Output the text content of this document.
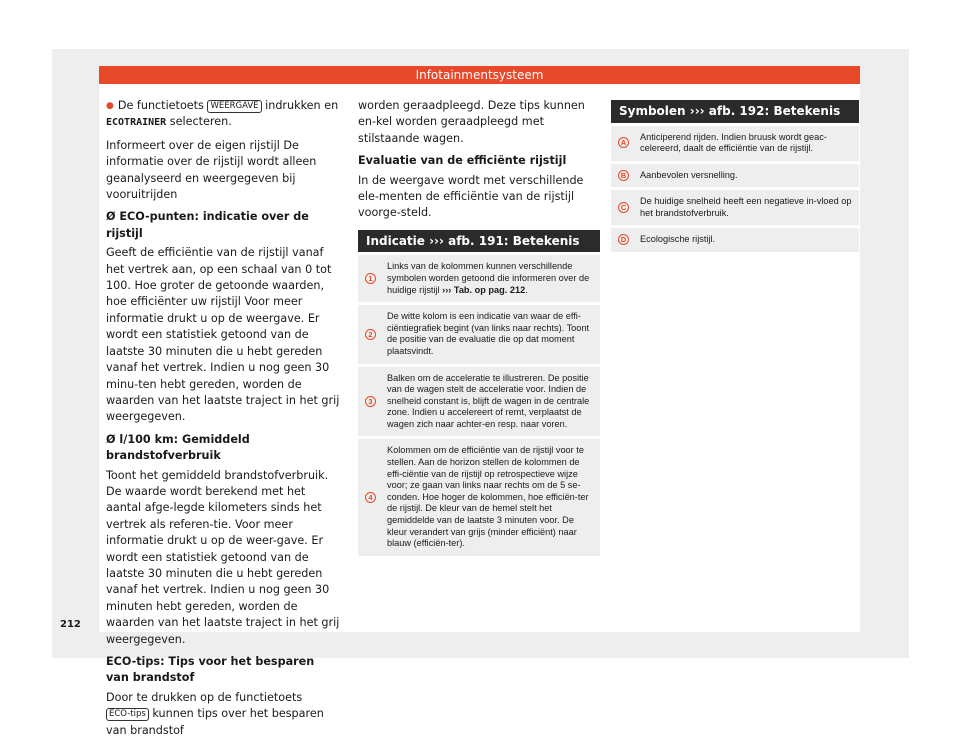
Infotainmentsysteem

● De functietoets WEERGAVE indrukken en ECOTRAINER selecteren.

Informeert over de eigen rijstijl De informatie over de rijstijl wordt alleen geanalyseerd en weergegeven bij vooruitrijden

Ø ECO-punten: indicatie over de rijstijl

Geeft de efficiëntie van de rijstijl vanaf het vertrek aan, op een schaal van 0 tot 100. Hoe groter de getoonde waarden, hoe efficiënter uw rijstijl Voor meer informatie drukt u op de weergave. Er wordt een statistiek getoond van de laatste 30 minuten die u hebt gereden vanaf het vertrek. Indien u nog geen 30 minu-ten hebt gereden, worden de waarden van het laatste traject in het grij weergegeven.

Ø l/100 km: Gemiddeld brandstofverbruik

Toont het gemiddeld brandstofverbruik. De waarde wordt berekend met het aantal afge-legde kilometers sinds het vertrek als referen-tie. Voor meer informatie drukt u op de weer-gave. Er wordt een statistiek getoond van de laatste 30 minuten die u hebt gereden vanaf het vertrek. Indien u nog geen 30 minuten hebt gereden, worden de waarden van het laatste traject in het grij weergegeven.

ECO-tips: Tips voor het besparen van brandstof

Door te drukken op de functietoets ECO-tips kunnen tips over het besparen van brandstof

worden geraadpleegd. Deze tips kunnen en-kel worden geraadpleegd met stilstaande wagen.

Evaluatie van de efficiënte rijstijl

In de weergave wordt met verschillende ele-menten de efficiëntie van de rijstijl voorge-steld.

Indicatie ››› afb. 191: Betekenis	
1	Links van de kolommen kunnen verschillende symbolen worden getoond die informeren over de huidige rijstijl ››› Tab. op pag. 212.
2	De witte kolom is een indicatie van waar de effi-ciëntiegrafiek begint (van links naar rechts). Toont de positie van de evaluatie die op dat moment plaatsvindt.
3	Balken om de acceleratie te illustreren. De positie van de wagen stelt de acceleratie voor. Indien de snelheid constant is, blijft de wagen in de centrale zone. Indien u accelereert of remt, verplaatst de wagen zich naar achter-en resp. naar voren.
4	Kolommen om de efficiëntie van de rijstijl voor te stellen. Aan de horizon stellen de kolommen de effi-ciëntie van de rijstijl op retrospectieve wijze voor; ze gaan van links naar rechts om de 5 se-conden. Hoe hoger de kolommen, hoe efficiën-ter de rijstijl. De kleur van de hemel stelt het gemiddelde van de laatste 3 minuten voor. De kleur verandert van grijs (minder efficiënt) naar blauw (efficiën-ter).
Symbolen ››› afb. 192: Betekenis	
A	Anticiperend rijden. Indien bruusk wordt geac-celereerd, daalt de efficiëntie van de rijstijl.
B	Aanbevolen versnelling.
C	De huidige snelheid heeft een negatieve in-vloed op het brandstofverbruik.
D	Ecologische rijstijl.
212
